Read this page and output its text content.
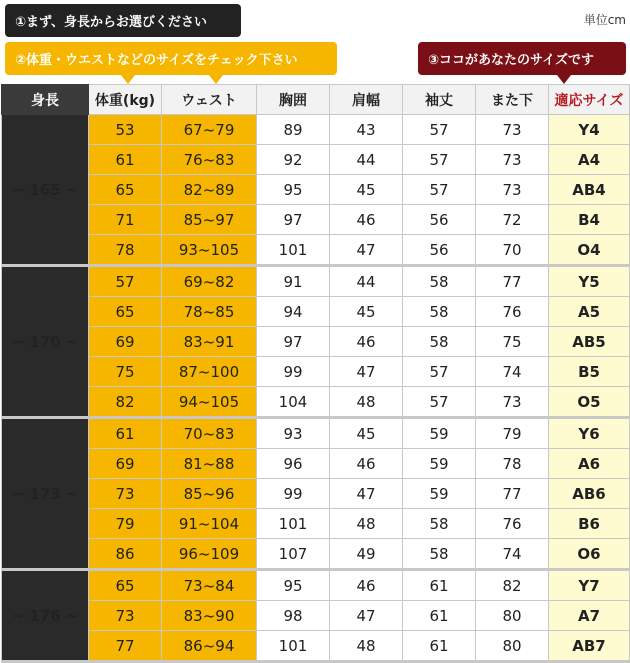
①まず、身長からお選びください
②体重・ウエストなどのサイズをチェック下さい	③ココがあなたのサイズです
単位cm
身長	体重(kg)	ウェスト	胸囲	肩幅	袖丈	また下	適応サイズ
~ 165 ~	53	67~79	89	43	57	73	Y4
	61	76~83	92	44	57	73	A4
	65	82~89	95	45	57	73	AB4
	71	85~97	97	46	56	72	B4
	78	93~105	101	47	56	70	O4
~ 170 ~	57	69~82	91	44	58	77	Y5
	65	78~85	94	45	58	76	A5
	69	83~91	97	46	58	75	AB5
	75	87~100	99	47	57	74	B5
	82	94~105	104	48	57	73	O5
~ 173 ~	61	70~83	93	45	59	79	Y6
	69	81~88	96	46	59	78	A6
	73	85~96	99	47	59	77	AB6
	79	91~104	101	48	58	76	B6
	86	96~109	107	49	58	74	O6
~ 176 ~	65	73~84	95	46	61	82	Y7
	73	83~90	98	47	61	80	A7
	77	86~94	101	48	61	80	AB7
